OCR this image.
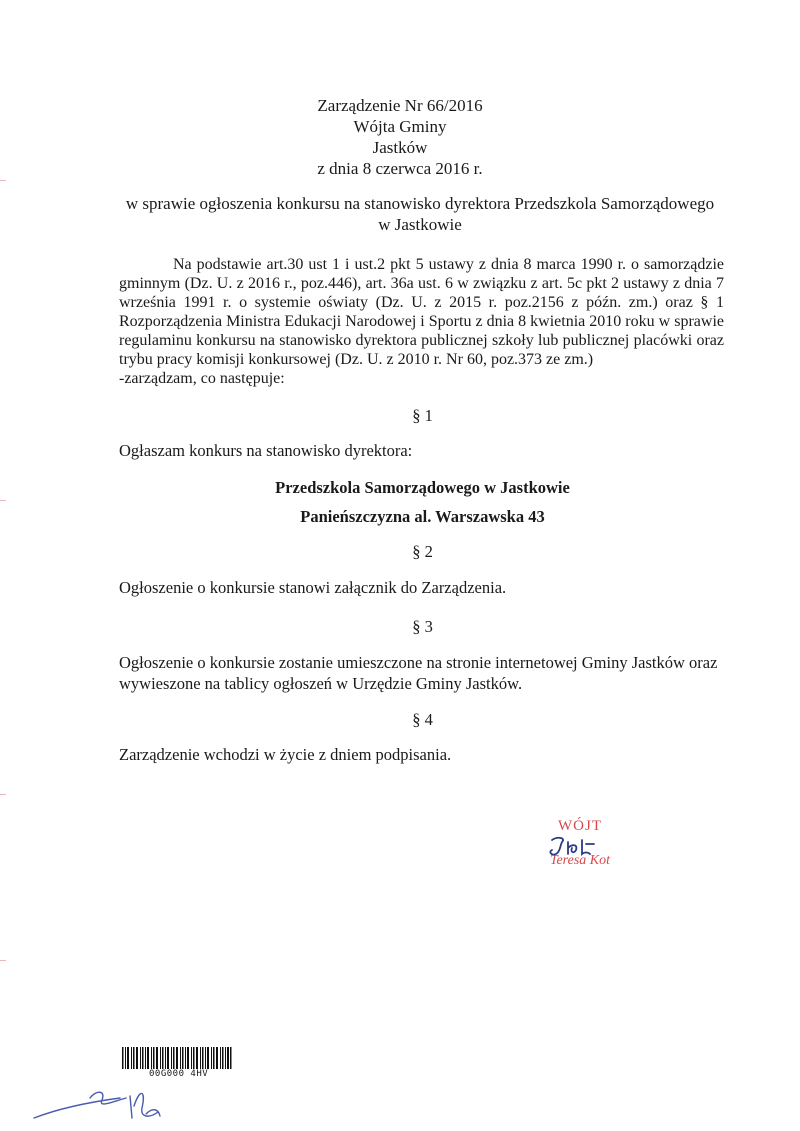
Zarządzenie Nr 66/2016
Wójta Gminy
Jastków
z dnia 8 czerwca 2016 r.
w sprawie ogłoszenia konkursu na stanowisko dyrektora Przedszkola Samorządowego
w Jastkowie

Na podstawie art.30 ust 1 i ust.2 pkt 5 ustawy z dnia 8 marca 1990 r. o samorządzie gminnym (Dz. U. z 2016 r., poz.446), art. 36a ust. 6 w związku z art. 5c pkt 2 ustawy z dnia 7 września 1991 r. o systemie oświaty (Dz. U. z 2015 r. poz.2156 z późn. zm.) oraz § 1 Rozporządzenia Ministra Edukacji Narodowej i Sportu z dnia 8 kwietnia 2010 roku w sprawie regulaminu konkursu na stanowisko dyrektora publicznej szkoły lub publicznej placówki oraz trybu pracy komisji konkursowej (Dz. U. z 2010 r. Nr 60, poz.373 ze zm.)

-zarządzam, co następuje:

§ 1
Ogłaszam konkurs na stanowisko dyrektora:
Przedszkola Samorządowego w Jastkowie
Panieńszczyzna al. Warszawska 43
§ 2
Ogłoszenie o konkursie stanowi załącznik do Zarządzenia.
§ 3
Ogłoszenie o konkursie zostanie umieszczone na stronie internetowej Gminy Jastków oraz
wywieszone na tablicy ogłoszeń w Urzędzie Gminy Jastków.
§ 4
Zarządzenie wchodzi w życie z dniem podpisania.
WÓJT
Teresa Kot
00G000 4HV
